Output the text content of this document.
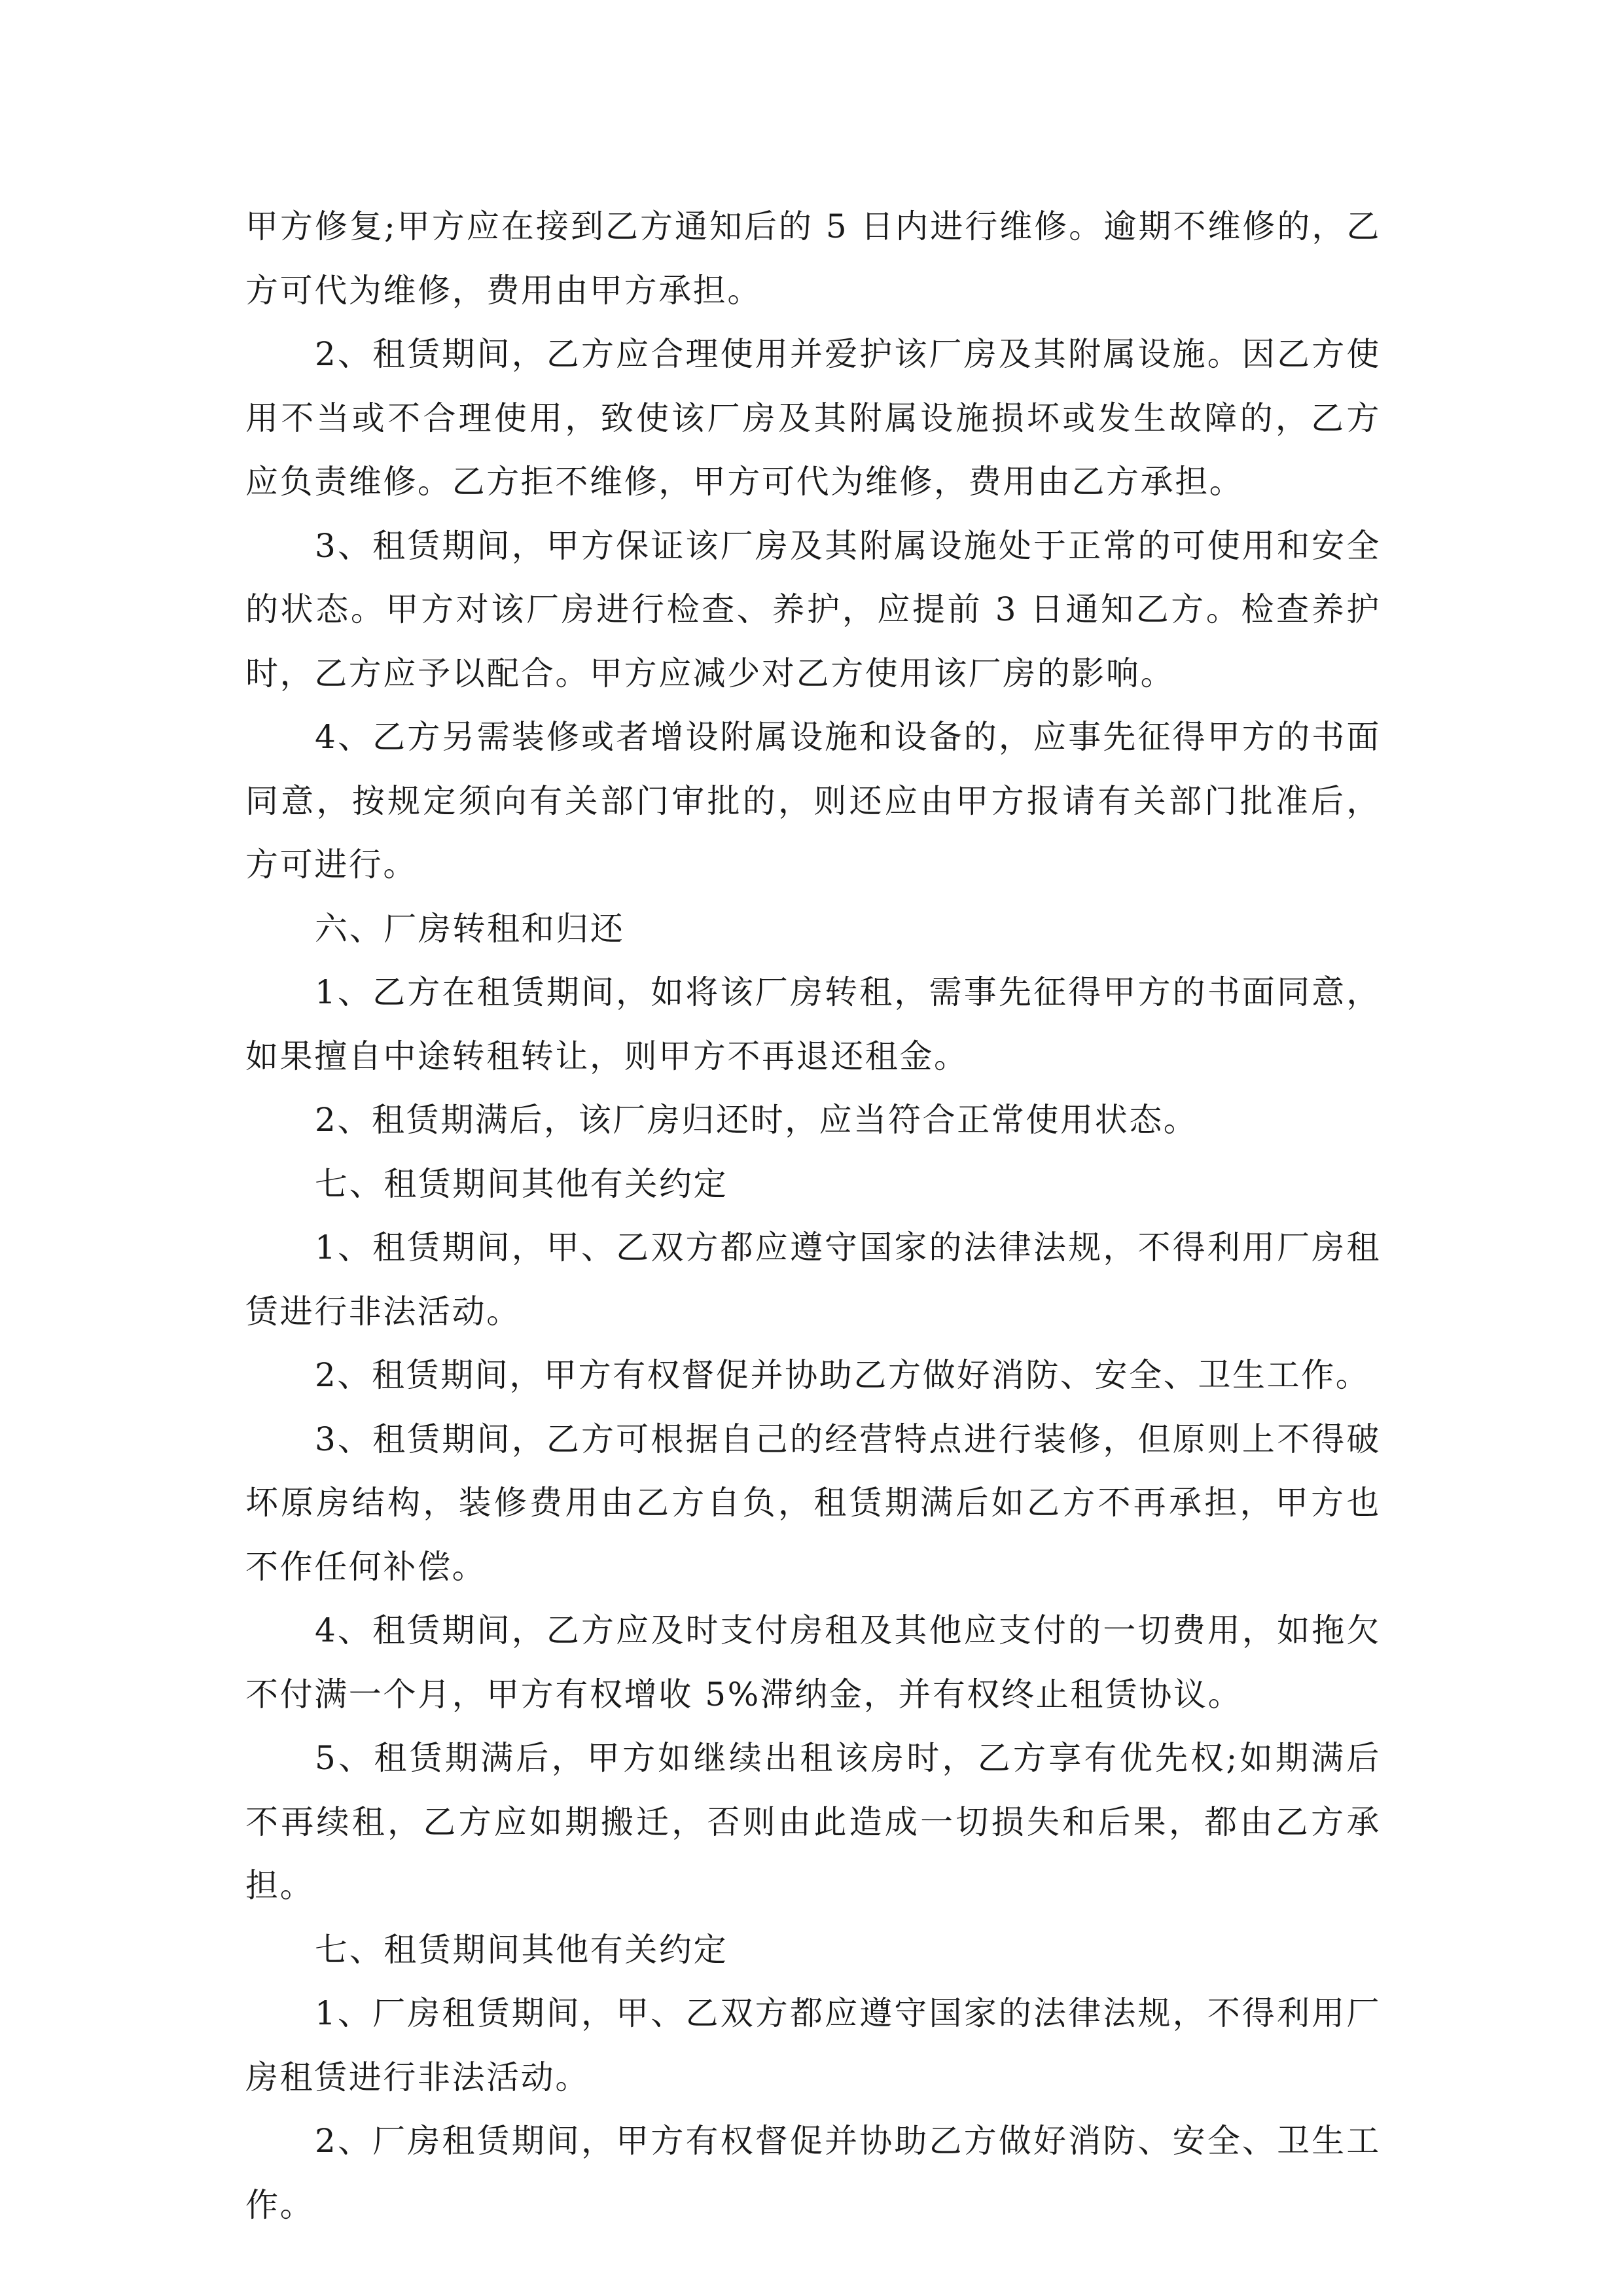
甲方修复;甲方应在接到乙方通知后的 5 日内进行维修。逾期不维修的，乙方可代为维修，费用由甲方承担。

2、租赁期间，乙方应合理使用并爱护该厂房及其附属设施。因乙方使用不当或不合理使用，致使该厂房及其附属设施损坏或发生故障的，乙方应负责维修。乙方拒不维修，甲方可代为维修，费用由乙方承担。

3、租赁期间，甲方保证该厂房及其附属设施处于正常的可使用和安全的状态。甲方对该厂房进行检查、养护，应提前 3 日通知乙方。检查养护时，乙方应予以配合。甲方应减少对乙方使用该厂房的影响。

4、乙方另需装修或者增设附属设施和设备的，应事先征得甲方的书面同意，按规定须向有关部门审批的，则还应由甲方报请有关部门批准后，方可进行。

六、厂房转租和归还

1、乙方在租赁期间，如将该厂房转租，需事先征得甲方的书面同意，如果擅自中途转租转让，则甲方不再退还租金。

2、租赁期满后，该厂房归还时，应当符合正常使用状态。

七、租赁期间其他有关约定

1、租赁期间，甲、乙双方都应遵守国家的法律法规，不得利用厂房租赁进行非法活动。

2、租赁期间，甲方有权督促并协助乙方做好消防、安全、卫生工作。

3、租赁期间，乙方可根据自己的经营特点进行装修，但原则上不得破坏原房结构，装修费用由乙方自负，租赁期满后如乙方不再承担，甲方也不作任何补偿。

4、租赁期间，乙方应及时支付房租及其他应支付的一切费用，如拖欠不付满一个月，甲方有权增收 5%滞纳金，并有权终止租赁协议。

5、租赁期满后，甲方如继续出租该房时，乙方享有优先权;如期满后不再续租，乙方应如期搬迁，否则由此造成一切损失和后果，都由乙方承担。

七、租赁期间其他有关约定

1、厂房租赁期间，甲、乙双方都应遵守国家的法律法规，不得利用厂房租赁进行非法活动。

2、厂房租赁期间，甲方有权督促并协助乙方做好消防、安全、卫生工作。
